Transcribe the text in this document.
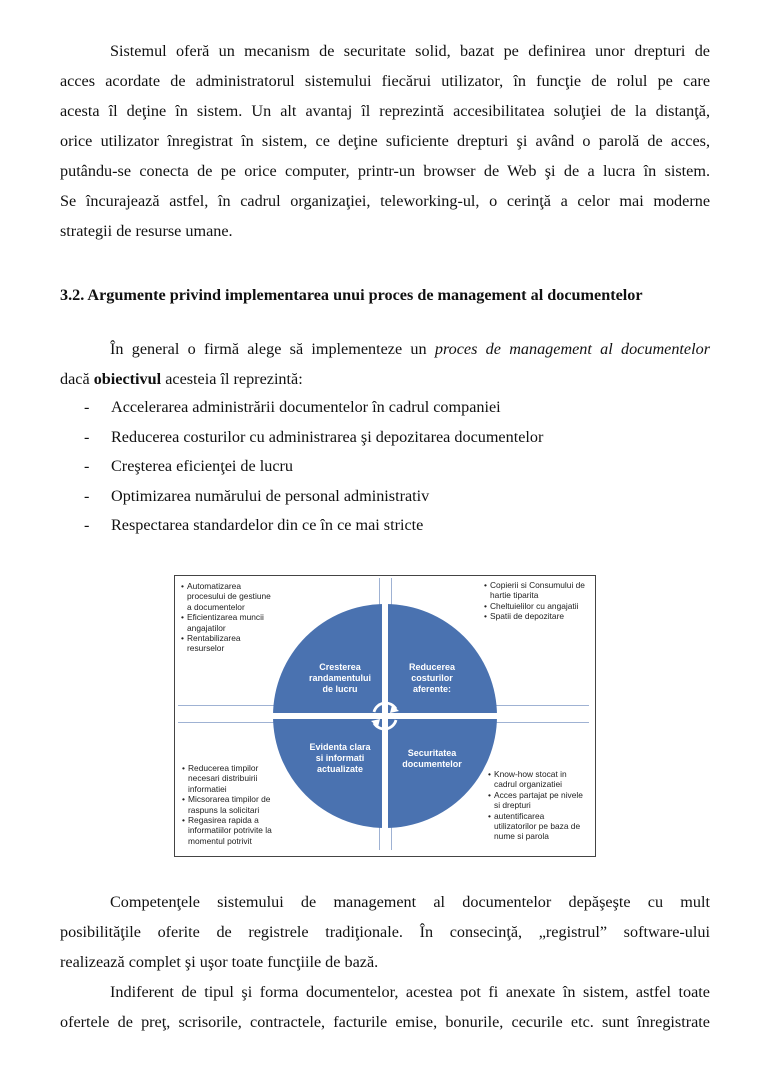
Sistemul oferă un mecanism de securitate solid, bazat pe definirea unor drepturi de
acces acordate de administratorul sistemului fiecărui utilizator, în funcţie de rolul pe care
acesta îl deţine în sistem. Un alt avantaj îl reprezintă accesibilitatea soluţiei de la distanţă,
orice utilizator înregistrat în sistem, ce deţine suficiente drepturi şi având o parolă de acces,
putându-se conecta de pe orice computer, printr-un browser de Web şi de a lucra în sistem.
Se încurajează astfel, în cadrul organizaţiei, teleworking-ul, o cerinţă a celor mai moderne
strategii de resurse umane.
3.2. Argumente privind implementarea unui proces de management al documentelor
În general o firmă alege să implementeze un proces de management al documentelor
dacă obiectivul acesteia îl reprezintă:
- Accelerarea administrării documentelor în cadrul companiei
- Reducerea costurilor cu administrarea şi depozitarea documentelor
- Creşterea eficienţei de lucru
- Optimizarea numărului de personal administrativ
- Respectarea standardelor din ce în ce mai stricte
• Automatizarea
procesului de gestiune
a documentelor
• Eficientizarea muncii
angajatilor
• Rentabilizarea
resurselor
• Copierii si Consumului de
hartie tiparita
• Cheltuielilor cu angajatii
• Spatii de depozitare
• Reducerea timpilor
necesari distribuirii
informatiei
• Micsorarea timpilor de
raspuns la solicitari
• Regasirea rapida a
informatiilor potrivite la
momentul potrivit
• Know-how stocat in
cadrul organizatiei
• Acces partajat pe nivele
si drepturi
• autentificarea
utilizatorilor pe baza de
nume si parola
Cresterea
randamentului
de lucru
Reducerea
costurilor
aferente:
Evidenta clara
si informati
actualizate
Securitatea
documentelor
Competenţele sistemului de management al documentelor depăşeşte cu mult
posibilităţile oferite de registrele tradiţionale. În consecinţă, „registrul” software-ului
realizează complet şi uşor toate funcţiile de bază.
Indiferent de tipul şi forma documentelor, acestea pot fi anexate în sistem, astfel toate
ofertele de preţ, scrisorile, contractele, facturile emise, bonurile, cecurile etc. sunt înregistrate
